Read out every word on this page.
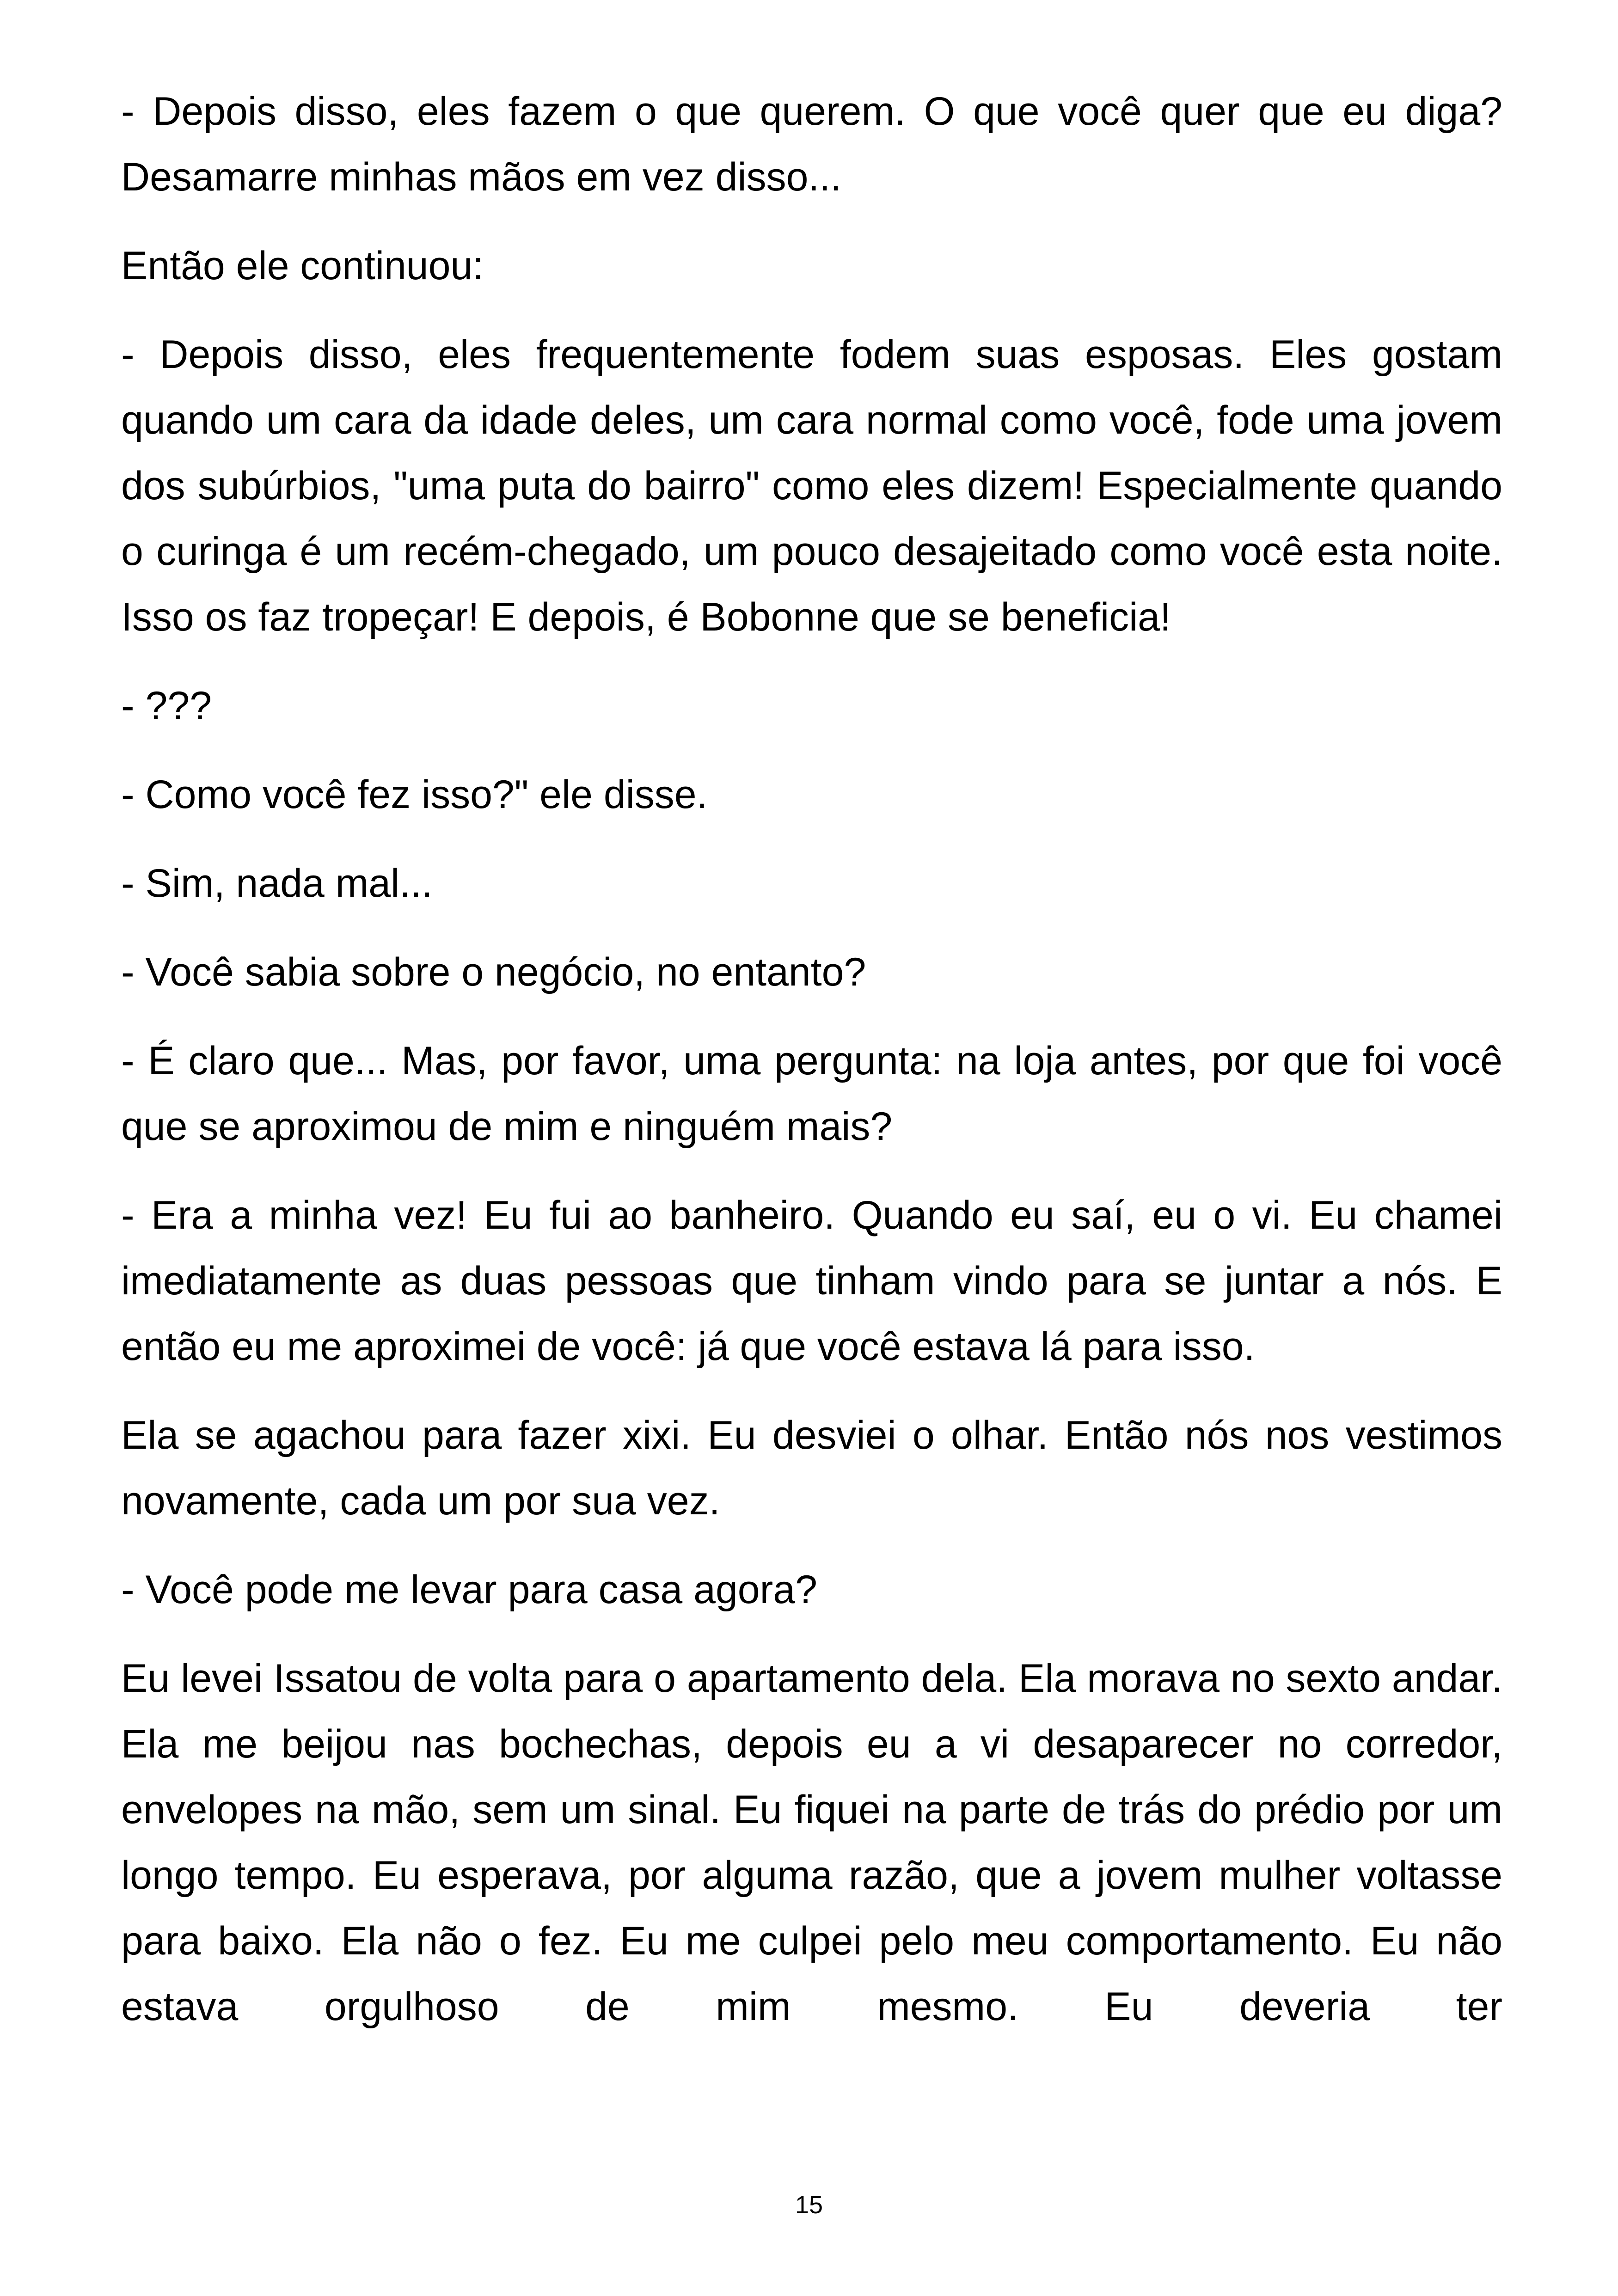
- Depois disso, eles fazem o que querem. O que você quer que eu diga? Desamarre minhas mãos em vez disso...

Então ele continuou:

- Depois disso, eles frequentemente fodem suas esposas. Eles gostam quando um cara da idade deles, um cara normal como você, fode uma jovem dos subúrbios, "uma puta do bairro" como eles dizem! Especialmente quando o curinga é um recém-chegado, um pouco desajeitado como você esta noite. Isso os faz tropeçar! E depois, é Bobonne que se beneficia!

- ???

- Como você fez isso?" ele disse.

- Sim, nada mal...

- Você sabia sobre o negócio, no entanto?

- É claro que... Mas, por favor, uma pergunta: na loja antes, por que foi você que se aproximou de mim e ninguém mais?

- Era a minha vez! Eu fui ao banheiro. Quando eu saí, eu o vi. Eu chamei imediatamente as duas pessoas que tinham vindo para se juntar a nós. E então eu me aproximei de você: já que você estava lá para isso.

Ela se agachou para fazer xixi. Eu desviei o olhar. Então nós nos vestimos novamente, cada um por sua vez.

- Você pode me levar para casa agora?

Eu levei Issatou de volta para o apartamento dela. Ela morava no sexto andar. Ela me beijou nas bochechas, depois eu a vi desaparecer no corredor, envelopes na mão, sem um sinal. Eu fiquei na parte de trás do prédio por um longo tempo. Eu esperava, por alguma razão, que a jovem mulher voltasse para baixo. Ela não o fez. Eu me culpei pelo meu comportamento. Eu não estava orgulhoso de mim mesmo. Eu deveria ter

15
